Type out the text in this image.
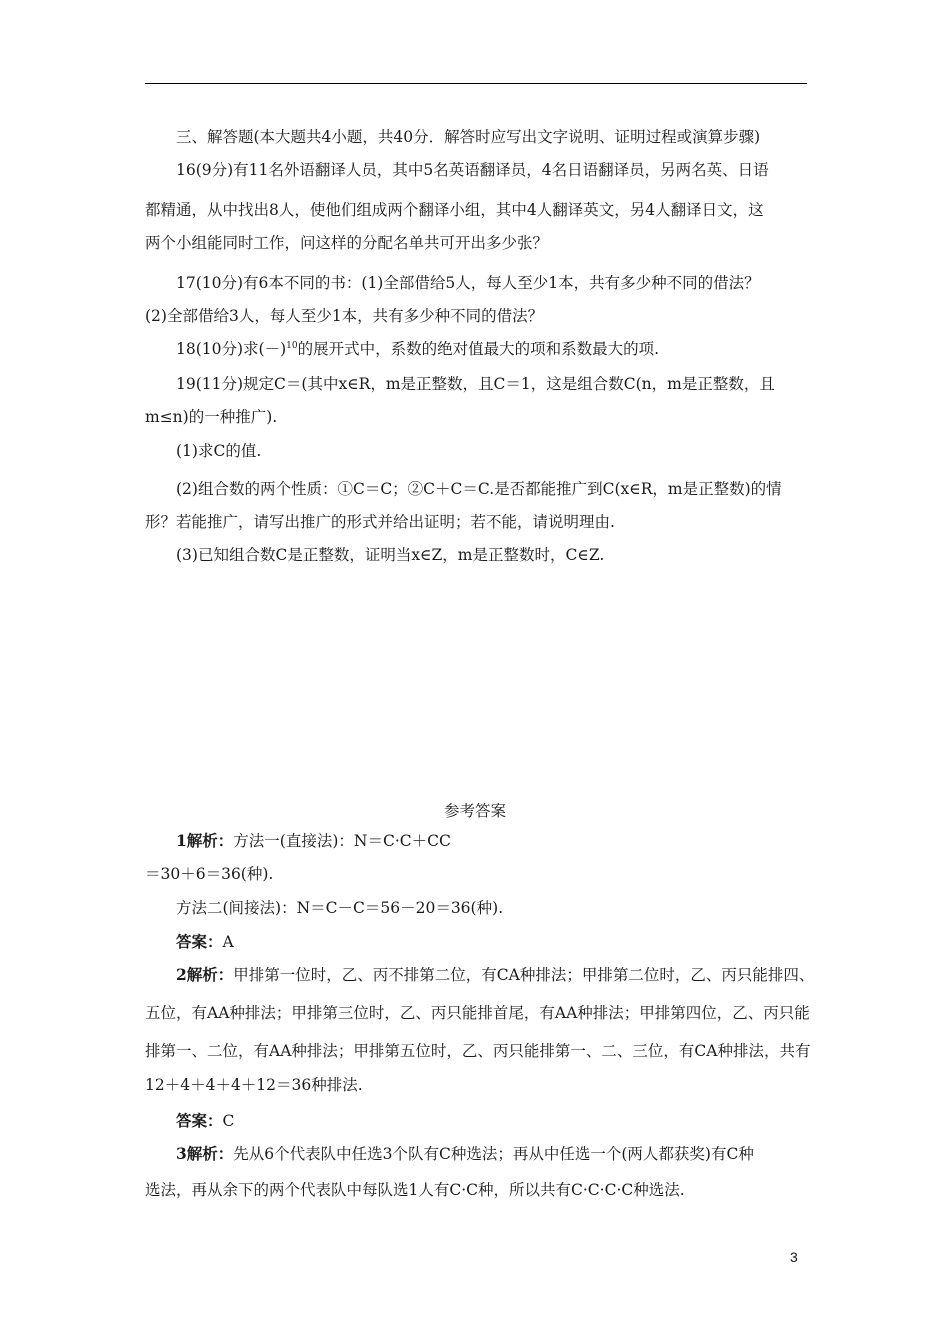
三、解答题(本大题共4小题，共40分．解答时应写出文字说明、证明过程或演算步骤)
16(9分)有11名外语翻译人员，其中5名英语翻译员，4名日语翻译员，另两名英、日语
都精通，从中找出8人，使他们组成两个翻译小组，其中4人翻译英文，另4人翻译日文，这
两个小组能同时工作，问这样的分配名单共可开出多少张？
17(10分)有6本不同的书：(1)全部借给5人，每人至少1本，共有多少种不同的借法？
(2)全部借给3人，每人至少1本，共有多少种不同的借法？
18(10分)求$(-)^{10}$的展开式中，系数的绝对值最大的项和系数最大的项.
19(11分)规定C＝(其中x∈R，m是正整数，且C＝1，这是组合数C(n，m是正整数，且
m≤n)的一种推广).
(1)求C的值.
(2)组合数的两个性质：①C＝C；②C＋C＝C.是否都能推广到C(x∈R，m是正整数)的情
形？若能推广，请写出推广的形式并给出证明；若不能，请说明理由.
(3)已知组合数C是正整数，证明当x∈Z，m是正整数时，C∈Z.
参考答案
1解析：方法一(直接法)：N＝C·C＋CC
＝30＋6＝36(种).
方法二(间接法)：N＝C－C＝56－20＝36(种).
答案：A
2解析：甲排第一位时，乙、丙不排第二位，有CA种排法；甲排第二位时，乙、丙只能排四、
五位，有AA种排法；甲排第三位时，乙、丙只能排首尾，有AA种排法；甲排第四位，乙、丙只能
排第一、二位，有AA种排法；甲排第五位时，乙、丙只能排第一、二、三位，有CA种排法，共有
12＋4＋4＋4＋12＝36种排法.
答案：C
3解析：先从6个代表队中任选3个队有C种选法；再从中任选一个(两人都获奖)有C种
选法，再从余下的两个代表队中每队选1人有C·C种，所以共有C·C·C·C种选法.
3
